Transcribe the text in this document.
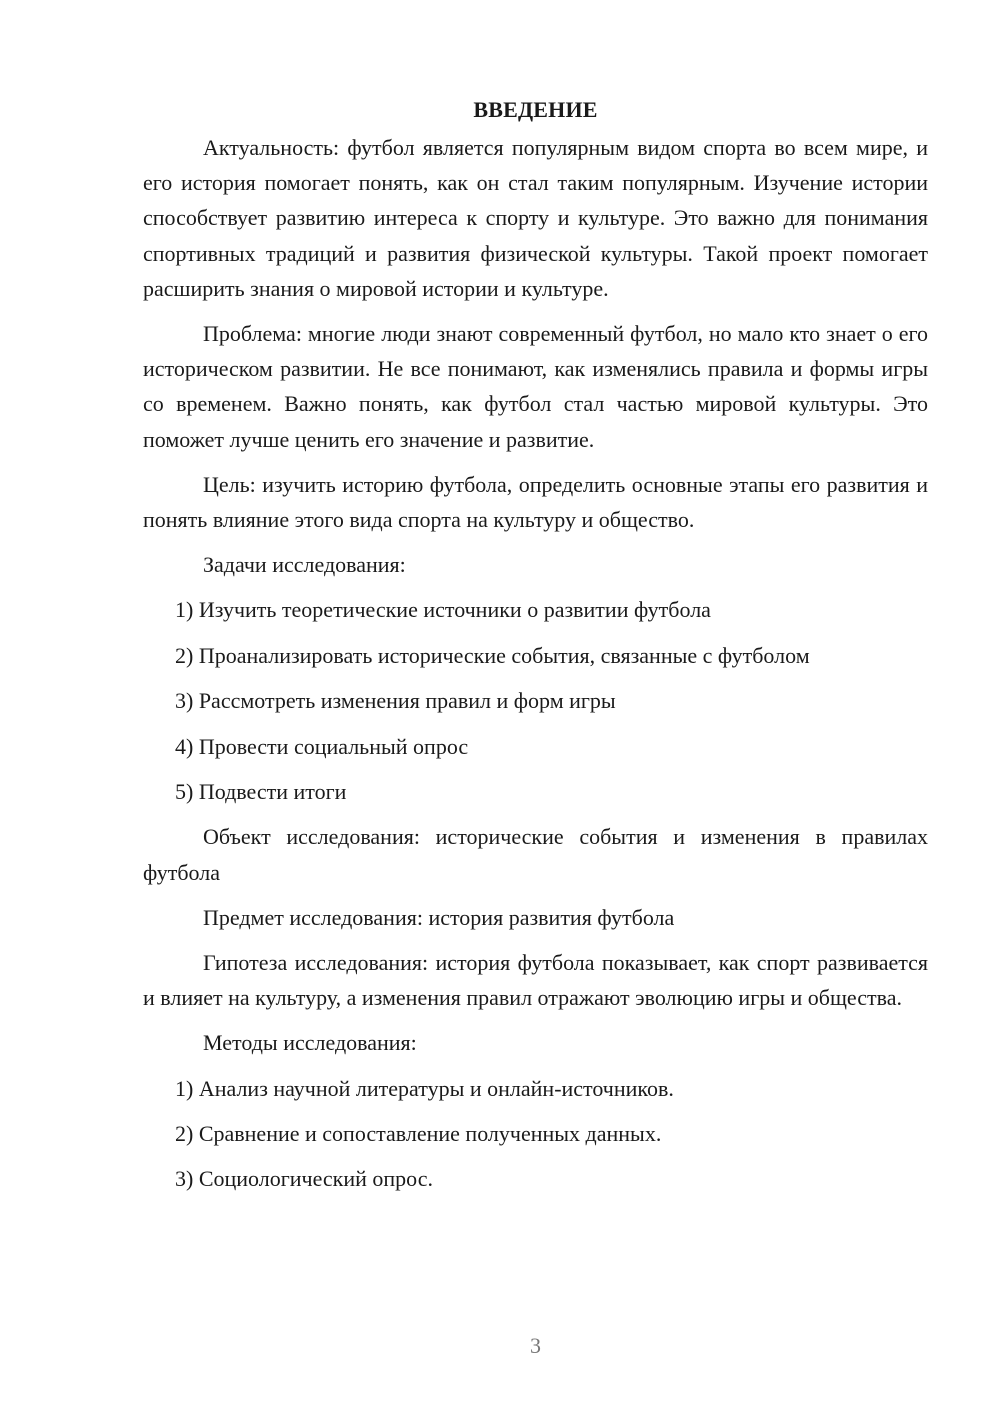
ВВЕДЕНИЕ

Актуальность: футбол является популярным видом спорта во всем мире, и его история помогает понять, как он стал таким популярным. Изучение истории способствует развитию интереса к спорту и культуре. Это важно для понимания спортивных традиций и развития физической культуры. Такой проект помогает расширить знания о мировой истории и культуре.

Проблема: многие люди знают современный футбол, но мало кто знает о его историческом развитии. Не все понимают, как изменялись правила и формы игры со временем. Важно понять, как футбол стал частью мировой культуры. Это поможет лучше ценить его значение и развитие.

Цель: изучить историю футбола, определить основные этапы его развития и понять влияние этого вида спорта на культуру и общество.

Задачи исследования:

1) Изучить теоретические источники о развитии футбола
2) Проанализировать исторические события, связанные с футболом
3) Рассмотреть изменения правил и форм игры
4) Провести социальный опрос
5) Подвести итоги

Объект исследования: исторические события и изменения в правилах футбола

Предмет исследования: история развития футбола

Гипотеза исследования: история футбола показывает, как спорт развивается и влияет на культуру, а изменения правил отражают эволюцию игры и общества.

Методы исследования:

1) Анализ научной литературы и онлайн-источников.
2) Сравнение и сопоставление полученных данных.
3) Социологический опрос.
3
